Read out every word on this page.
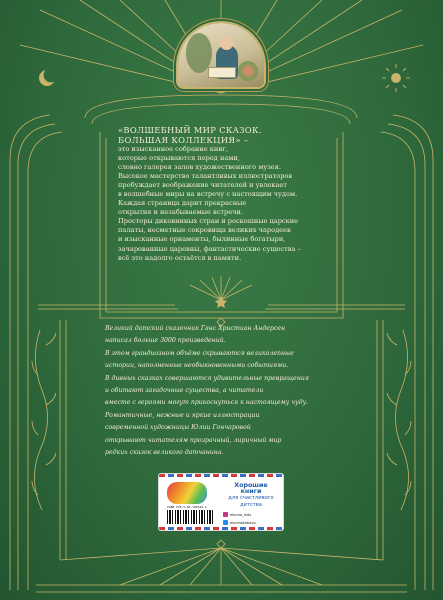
«ВОЛШЕБНЫЙ МИР СКАЗОК.
БОЛЬШАЯ КОЛЛЕКЦИЯ» –
это изысканное собрание книг,
которые открываются перед нами,
словно галерея залов художественного музея.
Высокое мастерство талантливых иллюстраторов
пробуждает воображение читателей и увлекает
в волшебные миры на встречу с настоящим чудом.
Каждая страница дарит прекрасные
открытия и незабываемые встречи.
Просторы диковинных стран и роскошные царские
палаты, несметные сокровища великих чародеев
и изысканные орнаменты, былинные богатыри,
зачарованные царевны, фантастические существа –
всё это надолго остаётся в памяти.
Великий датский сказочник Ганс Христиан Андерсен
написал больше 3000 произведений.
В этом грандиозном объёме скрываются великолепные
истории, наполненные необыкновенными событиями.
В дивных сказках совершаются удивительные превращения
и обитают загадочные существа, а читатели
вместе с героями могут прикоснуться к настоящему чуду.
Романтичные, нежные и яркие иллюстрации
современной художницы Юлии Гончаровой
открывают читателям прозрачный, лиричный мир
редких сказок великого датчанина.
Хорошие
книги
для счастливого
детства
ISBN 978-5-04-180516-1
ekumo_kids
ekumodetstvo
